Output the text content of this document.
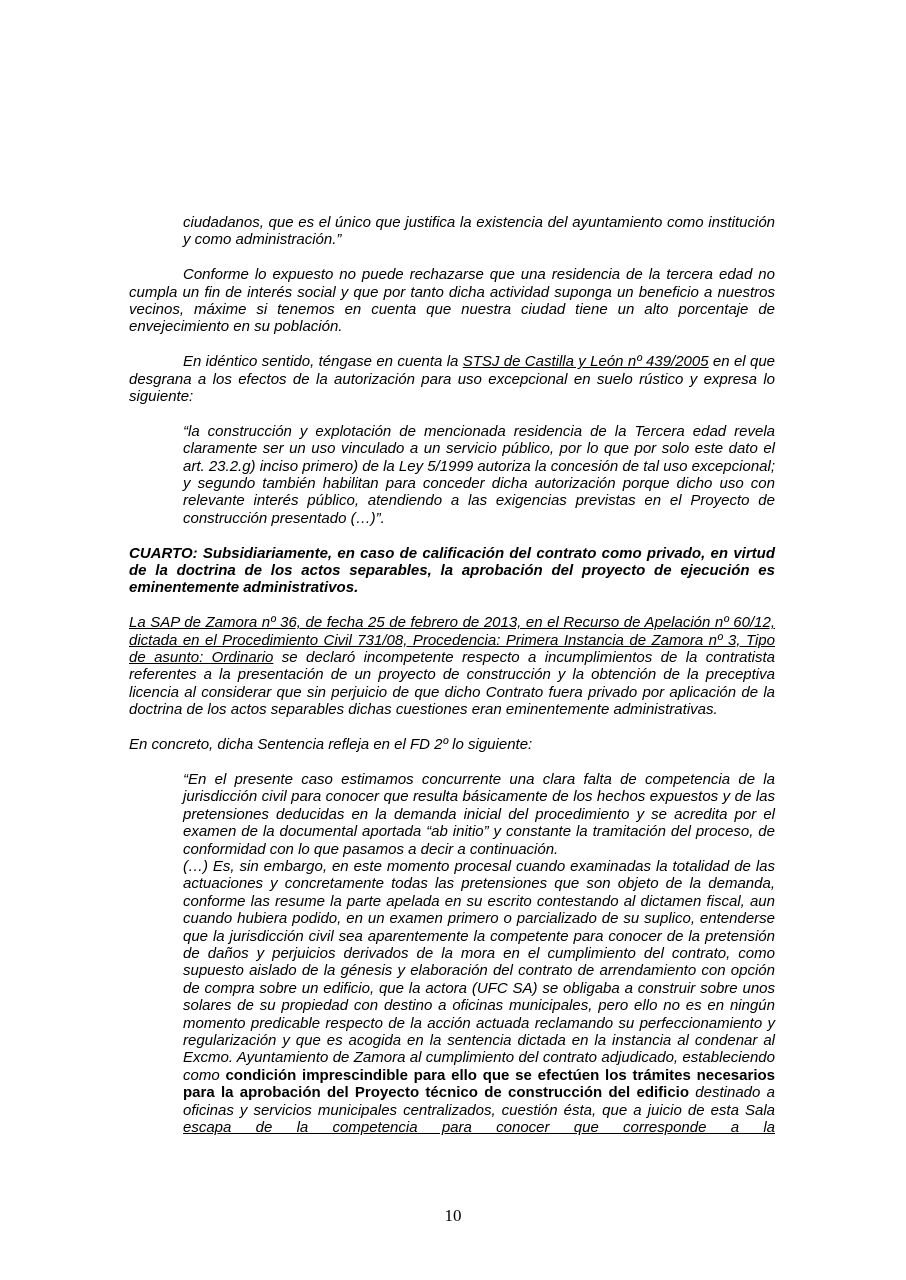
ciudadanos, que es el único que justifica la existencia del ayuntamiento como institución y como administración.”

Conforme lo expuesto no puede rechazarse que una residencia de la tercera edad no cumpla un fin de interés social y que por tanto dicha actividad suponga un beneficio a nuestros vecinos, máxime si tenemos en cuenta que nuestra ciudad tiene un alto porcentaje de envejecimiento en su población.

En idéntico sentido, téngase en cuenta la STSJ de Castilla y León nº 439/2005 en el que desgrana a los efectos de la autorización para uso excepcional en suelo rústico y expresa lo siguiente:

“la construcción y explotación de mencionada residencia de la Tercera edad revela claramente ser un uso vinculado a un servicio público, por lo que por solo este dato el art. 23.2.g) inciso primero) de la Ley 5/1999 autoriza la concesión de tal uso excepcional; y segundo también habilitan para conceder dicha autorización porque dicho uso con relevante interés público, atendiendo a las exigencias previstas en el Proyecto de construcción presentado (…)”.

CUARTO: Subsidiariamente, en caso de calificación del contrato como privado, en virtud de la doctrina de los actos separables, la aprobación del proyecto de ejecución es eminentemente administrativos.

La SAP de Zamora nº 36, de fecha 25 de febrero de 2013, en el Recurso de Apelación nº 60/12, dictada en el Procedimiento Civil 731/08, Procedencia: Primera Instancia de Zamora nº 3, Tipo de asunto: Ordinario se declaró incompetente respecto a incumplimientos de la contratista referentes a la presentación de un proyecto de construcción y la obtención de la preceptiva licencia al considerar que sin perjuicio de que dicho Contrato fuera privado por aplicación de la doctrina de los actos separables dichas cuestiones eran eminentemente administrativas.

En concreto, dicha Sentencia refleja en el FD 2º lo siguiente:

“En el presente caso estimamos concurrente una clara falta de competencia de la jurisdicción civil para conocer que resulta básicamente de los hechos expuestos y de las pretensiones deducidas en la demanda inicial del procedimiento y se acredita por el examen de la documental aportada “ab initio” y constante la tramitación del proceso, de conformidad con lo que pasamos a decir a continuación.

(…) Es, sin embargo, en este momento procesal cuando examinadas la totalidad de las actuaciones y concretamente todas las pretensiones que son objeto de la demanda, conforme las resume la parte apelada en su escrito contestando al dictamen fiscal, aun cuando hubiera podido, en un examen primero o parcializado de su suplico, entenderse que la jurisdicción civil sea aparentemente la competente para conocer de la pretensión de daños y perjuicios derivados de la mora en el cumplimiento del contrato, como supuesto aislado de la génesis y elaboración del contrato de arrendamiento con opción de compra sobre un edificio, que la actora (UFC SA) se obligaba a construir sobre unos solares de su propiedad con destino a oficinas municipales, pero ello no es en ningún momento predicable respecto de la acción actuada reclamando su perfeccionamiento y regularización y que es acogida en la sentencia dictada en la instancia al condenar al Excmo. Ayuntamiento de Zamora al cumplimiento del contrato adjudicado, estableciendo como condición imprescindible para ello que se efectúen los trámites necesarios para la aprobación del Proyecto técnico de construcción del edificio destinado a oficinas y servicios municipales centralizados, cuestión ésta, que a juicio de esta Sala escapa de la competencia para conocer que corresponde a la

10
